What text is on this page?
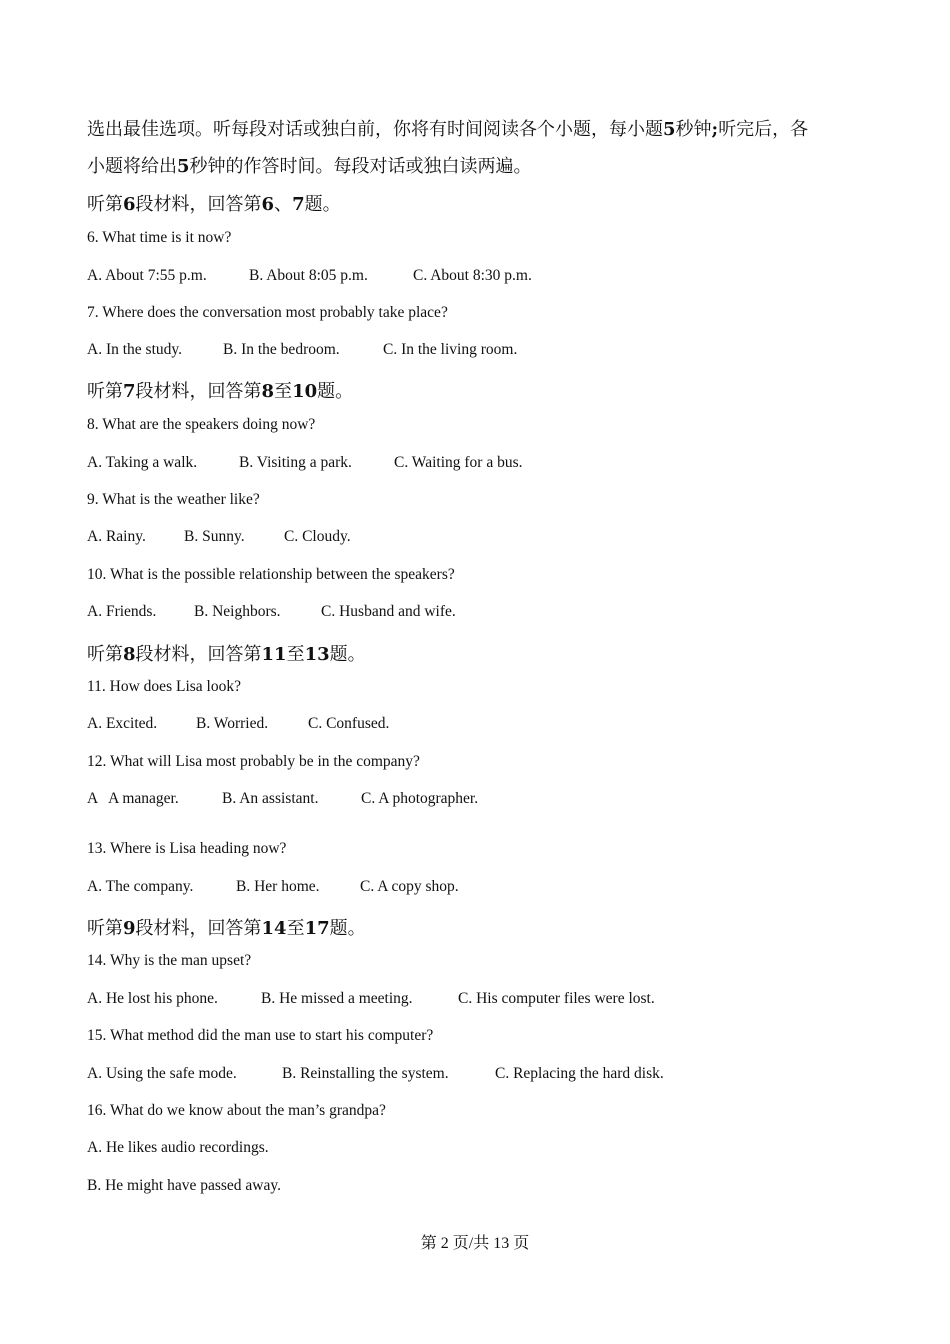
选出最佳选项。听每段对话或独白前，你将有时间阅读各个小题，每小题5秒钟;听完后，各
小题将给出5秒钟的作答时间。每段对话或独白读两遍。
听第6段材料，回答第6、7题。
6. What time is it now?
A. About 7:55 p.m.	B. About 8:05 p.m.	C. About 8:30 p.m.
7. Where does the conversation most probably take place?
A. In the study.	B. In the bedroom.	C. In the living room.
听第7段材料，回答第8至10题。
8. What are the speakers doing now?
A. Taking a walk.	B. Visiting a park.	C. Waiting for a bus.
9. What is the weather like?
A. Rainy. B. Sunny.	C. Cloudy.
10. What is the possible relationship between the speakers?
A. Friends. B. Neighbors.	C. Husband and wife.
听第8段材料，回答第11至13题。
11. How does Lisa look?
A. Excited.	B. Worried.	C. Confused.
12. What will Lisa most probably be in the company?
A   A manager.	B. An assistant.	C. A photographer.
13. Where is Lisa heading now?
A. The company.	B. Her home.	C. A copy shop.
听第9段材料，回答第14至17题。
14. Why is the man upset?
A. He lost his phone.	B. He missed a meeting.	C. His computer files were lost.
15. What method did the man use to start his computer?
A. Using the safe mode.	B. Reinstalling the system.	C. Replacing the hard disk.
16. What do we know about the man’s grandpa?
A. He likes audio recordings.
B. He might have passed away.
第 2 页/共 13 页
